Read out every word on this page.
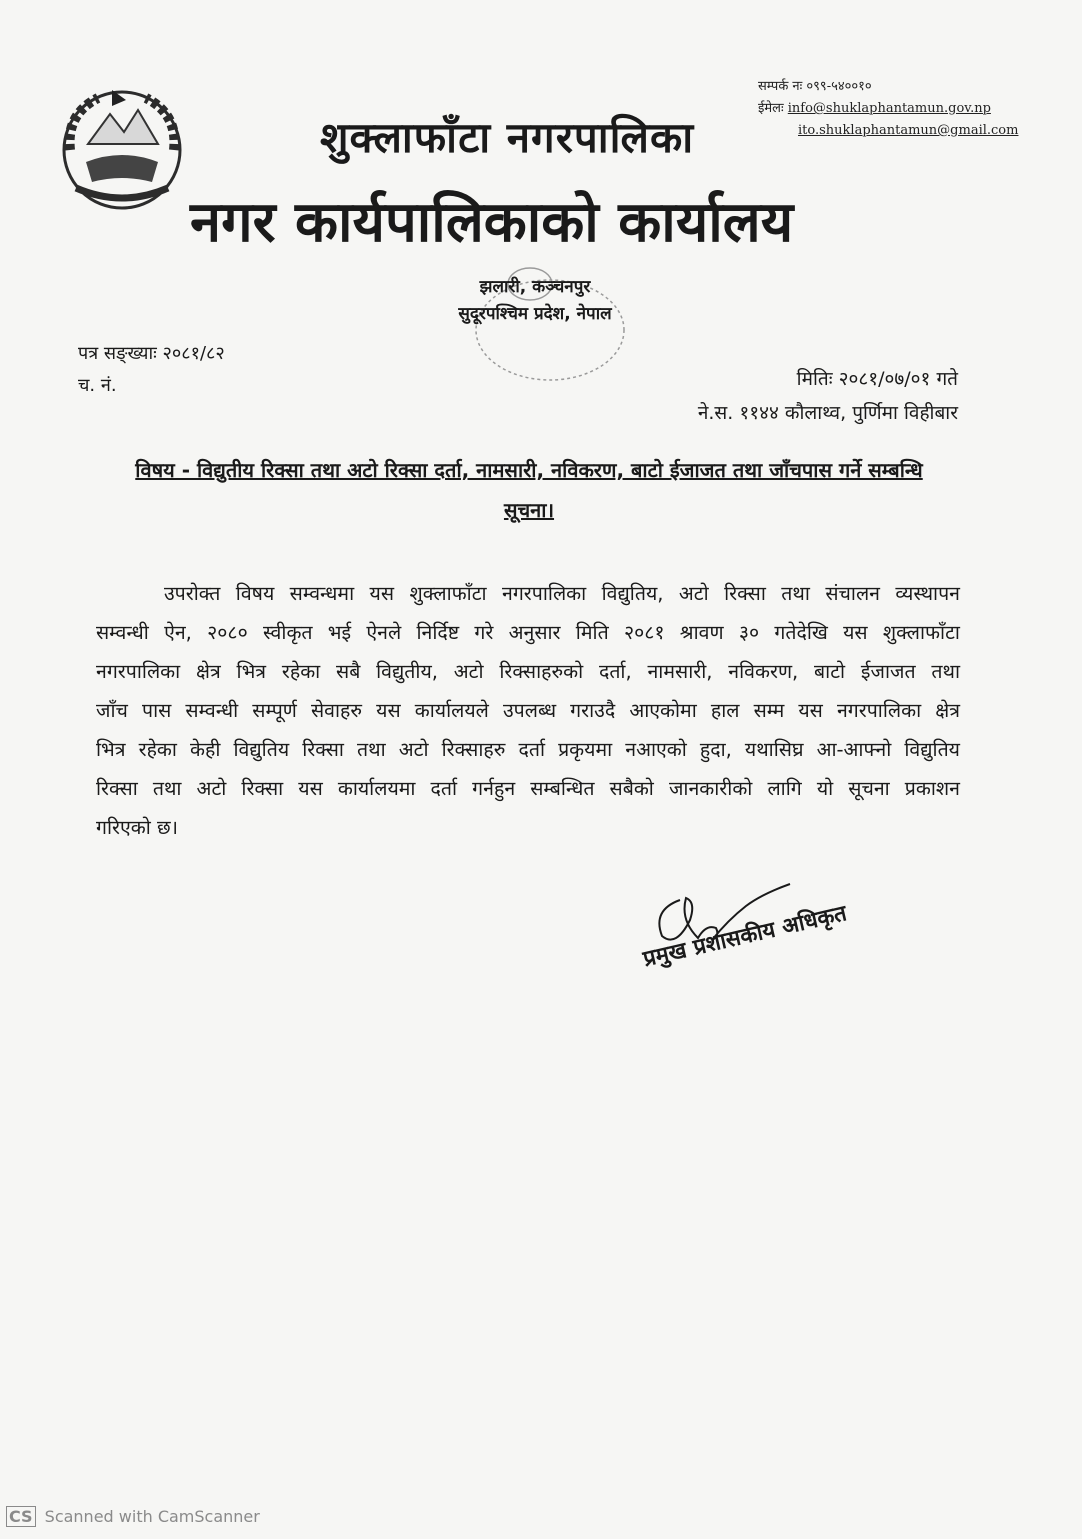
सम्पर्क नः ०९९-५४००१०
ईमेलः info@shuklaphantamun.gov.np
ito.shuklaphantamun@gmail.com
शुक्लाफाँटा नगरपालिका
नगर कार्यपालिकाको कार्यालय
झलारी, कञ्चनपुर
सुदूरपश्चिम प्रदेश, नेपाल
पत्र सङ्ख्याः २०८१/८२
च. नं.	मितिः २०८१/०७/०१ गते
ने.स. ११४४ कौलाथ्व, पुर्णिमा विहीबार
विषय - विद्युतीय रिक्सा तथा अटो रिक्सा दर्ता, नामसारी, नविकरण, बाटो ईजाजत तथा जाँचपास गर्ने सम्बन्धि
सूचना।
उपरोक्त विषय सम्वन्धमा यस शुक्लाफाँटा नगरपालिका विद्युतिय, अटो रिक्सा तथा संचालन व्यस्थापन
सम्वन्धी ऐन, २०८० स्वीकृत भई ऐनले निर्दिष्ट गरे अनुसार मिति २०८१ श्रावण ३० गतेदेखि यस शुक्लाफाँटा
नगरपालिका क्षेत्र भित्र रहेका सबै विद्युतीय, अटो रिक्साहरुको दर्ता, नामसारी, नविकरण, बाटो ईजाजत तथा
जाँच पास सम्वन्धी सम्पूर्ण सेवाहरु यस कार्यालयले उपलब्ध गराउदै आएकोमा हाल सम्म यस नगरपालिका क्षेत्र
भित्र रहेका केही विद्युतिय रिक्सा तथा अटो रिक्साहरु दर्ता प्रकृयमा नआएको हुदा, यथासिघ्र आ-आफ्नो विद्युतिय
रिक्सा तथा अटो रिक्सा यस कार्यालयमा दर्ता गर्नहुन सम्बन्धित सबैको जानकारीको लागि यो सूचना प्रकाशन
गरिएको छ।
प्रमुख प्रशासकीय अधिकृत
CS Scanned with CamScanner
